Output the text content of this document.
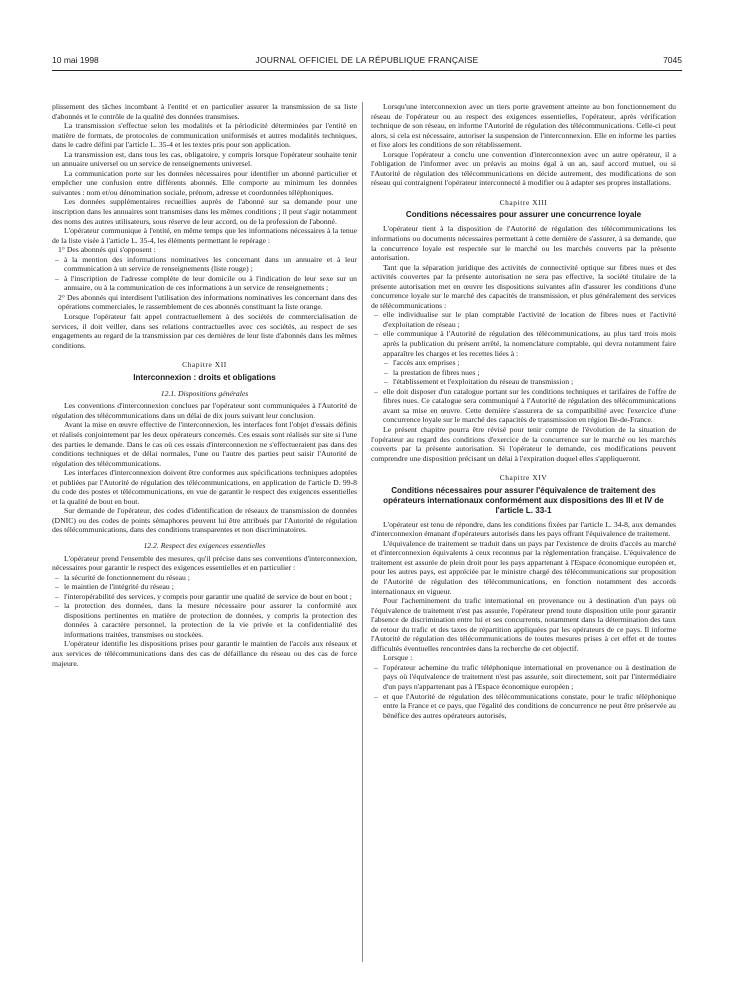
JOURNAL OFFICIEL DE LA RÉPUBLIQUE FRANÇAISE
10 mai 1998	7045

plissement des tâches incombant à l'entité et en particulier assurer la transmission de sa liste d'abonnés et le contrôle de la qualité des données transmises.

La transmission s'effectue selon les modalités et la périodicité déterminées par l'entité en matière de formats, de protocoles de communication uniformisés et autres modalités techniques, dans le cadre défini par l'article L. 35-4 et les textes pris pour son application.

La transmission est, dans tous les cas, obligatoire, y compris lorsque l'opérateur souhaite tenir un annuaire universel ou un service de renseignements universel.

La communication porte sur les données nécessaires pour identifier un abonné particulier et empêcher une confusion entre différents abonnés. Elle comporte au minimum les données suivantes : nom et/ou dénomination sociale, prénom, adresse et coordonnées téléphoniques.

Les données supplémentaires recueillies auprès de l'abonné sur sa demande pour une inscription dans les annuaires sont transmises dans les mêmes conditions ; il peut s'agir notamment des noms des autres utilisateurs, sous réserve de leur accord, ou de la profession de l'abonné.

L'opérateur communique à l'entité, en même temps que les informations nécessaires à la tenue de la liste visée à l'article L. 35-4, les éléments permettant le repérage :

1° Des abonnés qui s'opposent :

– à la mention des informations nominatives les concernant dans un annuaire et à leur communication à un service de renseignements (liste rouge) ;

– à l'inscription de l'adresse complète de leur domicile ou à l'indication de leur sexe sur un annuaire, ou à la communication de ces informations à un service de renseignements ;

2° Des abonnés qui interdisent l'utilisation des informations nominatives les concernant dans des opérations commerciales, le rassemblement de ces abonnés constituant la liste orange.

Lorsque l'opérateur fait appel contractuellement à des sociétés de commercialisation de services, il doit veiller, dans ses relations contractuelles avec ces sociétés, au respect de ses engagements au regard de la transmission par ces dernières de leur liste d'abonnés dans les mêmes conditions.

Chapitre XII
Interconnexion : droits et obligations
12.1. Dispositions générales

Les conventions d'interconnexion conclues par l'opérateur sont communiquées à l'Autorité de régulation des télécommunications dans un délai de dix jours suivant leur conclusion.

Avant la mise en œuvre effective de l'interconnexion, les interfaces font l'objet d'essais définis et réalisés conjointement par les deux opérateurs concernés. Ces essais sont réalisés sur site si l'une des parties le demande. Dans le cas où ces essais d'interconnexion ne s'effectueraient pas dans des conditions techniques et de délai normales, l'une ou l'autre des parties peut saisir l'Autorité de régulation des télécommunications.

Les interfaces d'interconnexion doivent être conformes aux spécifications techniques adoptées et publiées par l'Autorité de régulation des télécommunications, en application de l'article D. 99-8 du code des postes et télécommunications, en vue de garantir le respect des exigences essentielles et la qualité de bout en bout.

Sur demande de l'opérateur, des codes d'identification de réseaux de transmission de données (DNIC) ou des codes de points sémaphores peuvent lui être attribués par l'Autorité de régulation des télécommunications, dans des conditions transparentes et non discriminatoires.

12.2. Respect des exigences essentielles

L'opérateur prend l'ensemble des mesures, qu'il précise dans ses conventions d'interconnexion, nécessaires pour garantir le respect des exigences essentielles et en particulier :

– la sécurité de fonctionnement du réseau ;

– le maintien de l'intégrité du réseau ;

– l'interopérabilité des services, y compris pour garantir une qualité de service de bout en bout ;

– la protection des données, dans la mesure nécessaire pour assurer la conformité aux dispositions pertinentes en matière de protection de données, y compris la protection des données à caractère personnel, la protection de la vie privée et la confidentialité des informations traitées, transmises ou stockées.

L'opérateur identifie les dispositions prises pour garantir le maintien de l'accès aux réseaux et aux services de télécommunications dans des cas de défaillance du réseau ou des cas de force majeure.

Lorsqu'une interconnexion avec un tiers porte gravement atteinte au bon fonctionnement du réseau de l'opérateur ou au respect des exigences essentielles, l'opérateur, après vérification technique de son réseau, en informe l'Autorité de régulation des télécommunications. Celle-ci peut alors, si cela est nécessaire, autoriser la suspension de l'interconnexion. Elle en informe les parties et fixe alors les conditions de son rétablissement.

Lorsque l'opérateur a conclu une convention d'interconnexion avec un autre opérateur, il a l'obligation de l'informer avec un préavis au moins égal à un an, sauf accord mutuel, ou si l'Autorité de régulation des télécommunications en décide autrement, des modifications de son réseau qui contraignent l'opérateur interconnecté à modifier ou à adapter ses propres installations.

Chapitre XIII
Conditions nécessaires pour assurer une concurrence loyale

L'opérateur tient à la disposition de l'Autorité de régulation des télécommunications les informations ou documents nécessaires permettant à cette dernière de s'assurer, à sa demande, que la concurrence loyale est respectée sur le marché ou les marchés couverts par la présente autorisation.

Tant que la séparation juridique des activités de connectivité optique sur fibres nues et des activités couvertes par la présente autorisation ne sera pas effective, la société titulaire de la présente autorisation met en œuvre les dispositions suivantes afin d'assurer les conditions d'une concurrence loyale sur le marché des capacités de transmission, et plus généralement des services de télécommunications :

– elle individualise sur le plan comptable l'activité de location de fibres nues et l'activité d'exploitation de réseau ;

– elle communique à l'Autorité de régulation des télécommunications, au plus tard trois mois après la publication du présent arrêté, la nomenclature comptable, qui devra notamment faire apparaître les charges et les recettes liées à :

– l'accès aux emprises ;

– la prestation de fibres nues ;

– l'établissement et l'exploitation du réseau de transmission ;

– elle doit disposer d'un catalogue portant sur les conditions techniques et tarifaires de l'offre de fibres nues. Ce catalogue sera communiqué à l'Autorité de régulation des télécommunications avant sa mise en œuvre. Cette dernière s'assurera de sa compatibilité avec l'exercice d'une concurrence loyale sur le marché des capacités de transmission en région Ile-de-France.

Le présent chapitre pourra être révisé pour tenir compte de l'évolution de la situation de l'opérateur au regard des conditions d'exercice de la concurrence sur le marché ou les marchés couverts par la présente autorisation. Si l'opérateur le demande, ces modifications peuvent comprendre une disposition précisant un délai à l'expiration duquel elles s'appliqueront.

Chapitre XIV
Conditions nécessaires pour assurer l'équivalence de traitement des opérateurs internationaux conformément aux dispositions des III et IV de l'article L. 33-1

L'opérateur est tenu de répondre, dans les conditions fixées par l'article L. 34-8, aux demandes d'interconnexion émanant d'opérateurs autorisés dans les pays offrant l'équivalence de traitement.

L'équivalence de traitement se traduit dans un pays par l'existence de droits d'accès au marché et d'interconnexion équivalents à ceux reconnus par la réglementation française. L'équivalence de traitement est assurée de plein droit pour les pays appartenant à l'Espace économique européen et, pour les autres pays, est appréciée par le ministre chargé des télécommunications sur proposition de l'Autorité de régulation des télécommunications, en fonction notamment des accords internationaux en vigueur.

Pour l'acheminement du trafic international en provenance ou à destination d'un pays où l'équivalence de traitement n'est pas assurée, l'opérateur prend toute disposition utile pour garantir l'absence de discrimination entre lui et ses concurrents, notamment dans la détermination des taux de retour du trafic et des taxes de répartition appliquées par les opérateurs de ce pays. Il informe l'Autorité de régulation des télécommunications de toutes mesures prises à cet effet et de toutes difficultés éventuelles rencontrées dans la recherche de cet objectif.

Lorsque :

– l'opérateur achemine du trafic téléphonique international en provenance ou à destination de pays où l'équivalence de traitement n'est pas assurée, soit directement, soit par l'intermédiaire d'un pays n'appartenant pas à l'Espace économique européen ;

– et que l'Autorité de régulation des télécommunications constate, pour le trafic téléphonique entre la France et ce pays, que l'égalité des conditions de concurrence ne peut être préservée au bénéfice des autres opérateurs autorisés,
